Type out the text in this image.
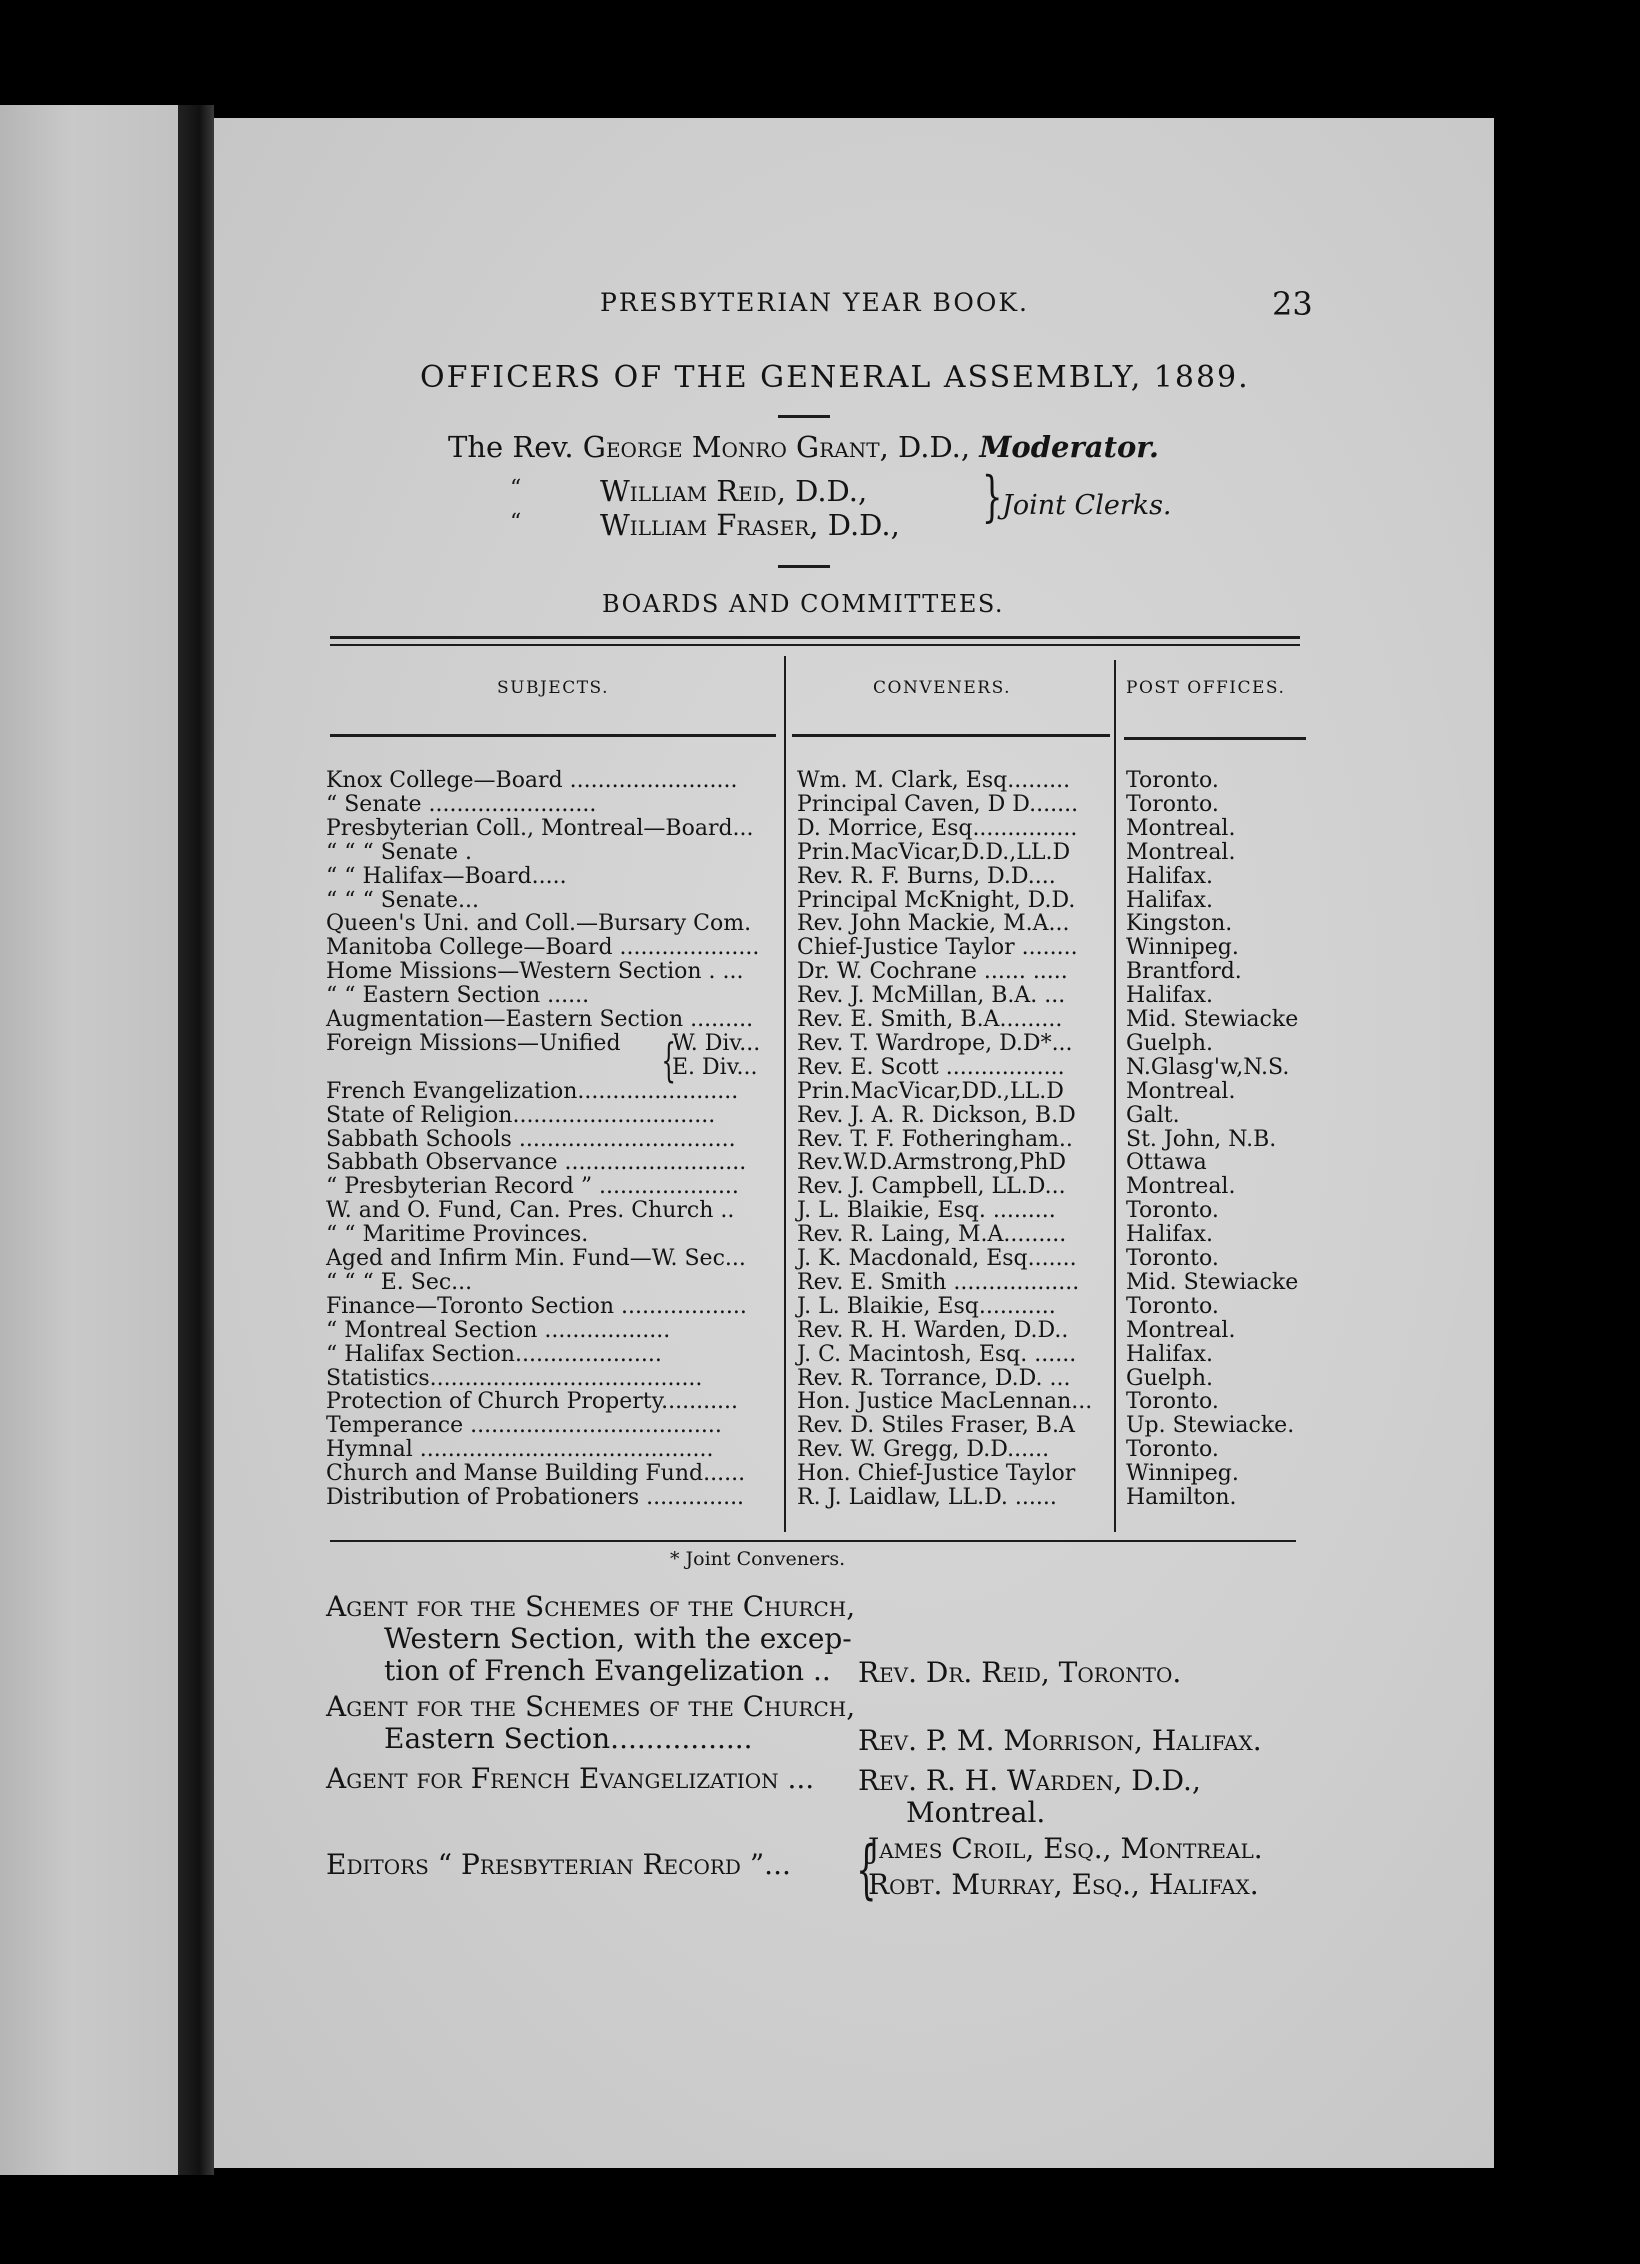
PRESBYTERIAN YEAR BOOK.	23
OFFICERS OF THE GENERAL ASSEMBLY, 1889.
The Rev. George Monro Grant, D.D., Moderator.
“
“
William Reid, D.D.,
William Fraser, D.D., } Joint Clerks.
BOARDS AND COMMITTEES.
SUBJECTS.	CONVENERS.	POST OFFICES.
Knox College—Board ........................	Wm. M. Clark, Esq.........	Toronto.
“ Senate ........................	Principal Caven, D D....... Toronto.
Presbyterian Coll., Montreal—Board... D. Morrice, Esq............... Montreal.
“ “ “ Senate .	Prin.MacVicar,D.D.,LL.D	Montreal.
“ “ Halifax—Board.....	Rev. R. F. Burns, D.D....	Halifax.
“ “ “ Senate...	Principal McKnight, D.D. Halifax.
Queen's Uni. and Coll.—Bursary Com. Rev. John Mackie, M.A...	Kingston.
Manitoba College—Board .................... Chief-Justice Taylor ........ Winnipeg.
Home Missions—Western Section . ... Dr. W. Cochrane ...... .....	Brantford.
“ “ Eastern Section ......	Rev. J. McMillan, B.A. ...	Halifax.
Augmentation—Eastern Section ......... Rev. E. Smith, B.A.........	Mid. Stewiacke
Foreign Missions—Unified W. Div... Rev. T. Wardrope, D.D*... Guelph.
E. Div... Rev. E. Scott .................	N.Glasg'w,N.S.
French Evangelization.......................	Prin.MacVicar,DD.,LL.D	Montreal.
State of Religion.............................	Rev. J. A. R. Dickson, B.D Galt.
Sabbath Schools ...............................	Rev. T. F. Fotheringham.. St. John, N.B.
Sabbath Observance .......................... Rev.W.D.Armstrong,PhD	Ottawa
“ Presbyterian Record ” ....................	Rev. J. Campbell, LL.D...	Montreal.
W. and O. Fund, Can. Pres. Church ..	J. L. Blaikie, Esq. .........	Toronto.
“ “ Maritime Provinces.	Rev. R. Laing, M.A.........	Halifax.
Aged and Infirm Min. Fund—W. Sec... J. K. Macdonald, Esq....... Toronto.
“ “ “ E. Sec...	Rev. E. Smith .................. Mid. Stewiacke
Finance—Toronto Section .................. J. L. Blaikie, Esq...........	Toronto.
“ Montreal Section ..................	Rev. R. H. Warden, D.D..	Montreal.
“ Halifax Section.....................	J. C. Macintosh, Esq. ...... Halifax.
Statistics.......................................	Rev. R. Torrance, D.D. ...	Guelph.
Protection of Church Property...........	Hon. Justice MacLennan... Toronto.
Temperance ....................................	Rev. D. Stiles Fraser, B.A Up. Stewiacke.
Hymnal ..........................................	Rev. W. Gregg, D.D......	Toronto.
Church and Manse Building Fund...... Hon. Chief-Justice Taylor Winnipeg.
Distribution of Probationers .............. R. J. Laidlaw, LL.D. ......	Hamilton.
{
* Joint Conveners.
Agent for the Schemes of the Church,
Western Section, with the excep-
tion of French Evangelization .. Rev. Dr. Reid, Toronto.
Agent for the Schemes of the Church,
Eastern Section................	Rev. P. M. Morrison, Halifax.
Agent for French Evangelization ... Rev. R. H. Warden, D.D.,
Montreal.
Editors “ Presbyterian Record ”... {
James Croil, Esq., Montreal.
Robt. Murray, Esq., Halifax.
